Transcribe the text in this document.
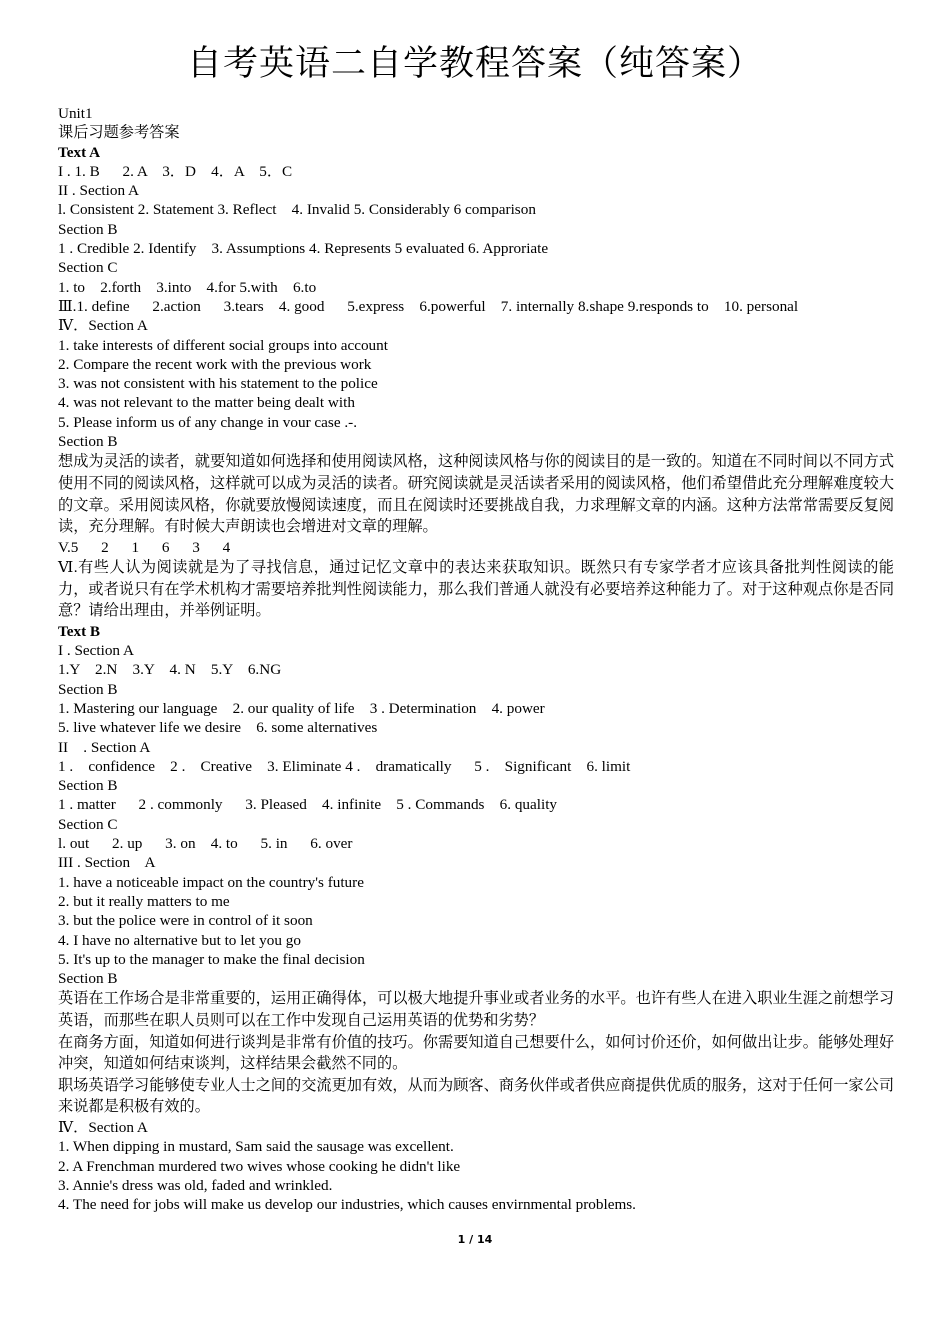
自考英语二自学教程答案（纯答案）
Unit1
课后习题参考答案
Text A
I . 1. B      2. A    3．D    4．A    5．C
II . Section A
l. Consistent 2. Statement 3. Reflect    4. Invalid 5. Considerably 6 comparison
Section B
1 . Credible 2. Identify    3. Assumptions 4. Represents 5 evaluated 6. Approriate
Section C
1. to    2.forth    3.into    4.for 5.with    6.to
Ⅲ.1. define      2.action      3.tears    4. good      5.express    6.powerful    7. internally 8.shape 9.responds to    10. personal
Ⅳ．Section A
1. take interests of different social groups into account
2. Compare the recent work with the previous work
3. was not consistent with his statement to the police
4. was not relevant to the matter being dealt with
5. Please inform us of any change in vour case .-.
Section B
想成为灵活的读者，就要知道如何选择和使用阅读风格，这种阅读风格与你的阅读目的是一致的。知道在不同时间以不同方式使用不同的阅读风格，这样就可以成为灵活的读者。研究阅读就是灵活读者采用的阅读风格，他们希望借此充分理解难度较大的文章。采用阅读风格，你就要放慢阅读速度，而且在阅读时还要挑战自我，力求理解文章的内涵。这种方法常常需要反复阅读，充分理解。有时候大声朗读也会增进对文章的理解。
V.5      2      1      6      3      4
Ⅵ.有些人认为阅读就是为了寻找信息，通过记忆文章中的表达来获取知识。既然只有专家学者才应该具备批判性阅读的能力，或者说只有在学术机构才需要培养批判性阅读能力，那么我们普通人就没有必要培养这种能力了。对于这种观点你是否同意？请给出理由，并举例证明。
Text B
I . Section A
1.Y    2.N    3.Y    4. N    5.Y    6.NG
Section B
1. Mastering our language    2. our quality of life    3 . Determination    4. power
5. live whatever life we desire    6. some alternatives
II    . Section A
1 .    confidence    2 .    Creative    3. Eliminate 4 .    dramatically      5 .    Significant    6. limit
Section B
1 . matter      2 . commonly      3. Pleased    4. infinite    5 . Commands    6. quality
Section C
l. out      2. up      3. on    4. to      5. in      6. over
III . Section    A
1. have a noticeable impact on the country's future
2. but it really matters to me
3. but the police were in control of it soon
4. I have no alternative but to let you go
5. It's up to the manager to make the final decision
Section B
英语在工作场合是非常重要的，运用正确得体，可以极大地提升事业或者业务的水平。也许有些人在进入职业生涯之前想学习英语，而那些在职人员则可以在工作中发现自己运用英语的优势和劣势？
在商务方面，知道如何进行谈判是非常有价值的技巧。你需要知道自己想要什么，如何讨价还价，如何做出让步。能够处理好冲突，知道如何结束谈判，这样结果会截然不同的。
职场英语学习能够使专业人士之间的交流更加有效，从而为顾客、商务伙伴或者供应商提供优质的服务，这对于任何一家公司来说都是积极有效的。
Ⅳ．Section A
1. When dipping in mustard, Sam said the sausage was excellent.
2. A Frenchman murdered two wives whose cooking he didn't like
3. Annie's dress was old, faded and wrinkled.
4. The need for jobs will make us develop our industries, which causes envirnmental problems.
1 / 14
